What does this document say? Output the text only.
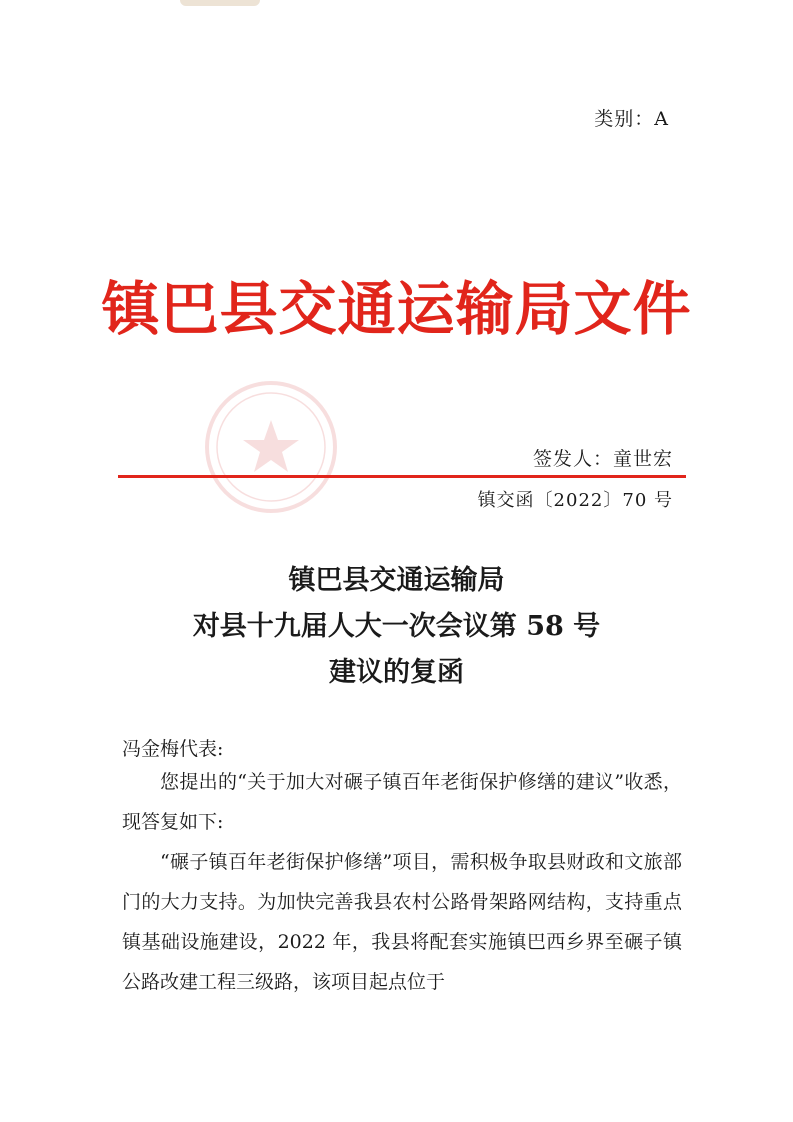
类别：A
镇巴县交通运输局文件
签发人：童世宏
镇交函〔2022〕70 号
镇巴县交通运输局
对县十九届人大一次会议第 58 号
建议的复函
冯金梅代表:

您提出的“关于加大对碾子镇百年老街保护修缮的建议”收悉，现答复如下:

“碾子镇百年老街保护修缮”项目，需积极争取县财政和文旅部门的大力支持。为加快完善我县农村公路骨架路网结构，支持重点镇基础设施建设，2022 年，我县将配套实施镇巴西乡界至碾子镇公路改建工程三级路，该项目起点位于
